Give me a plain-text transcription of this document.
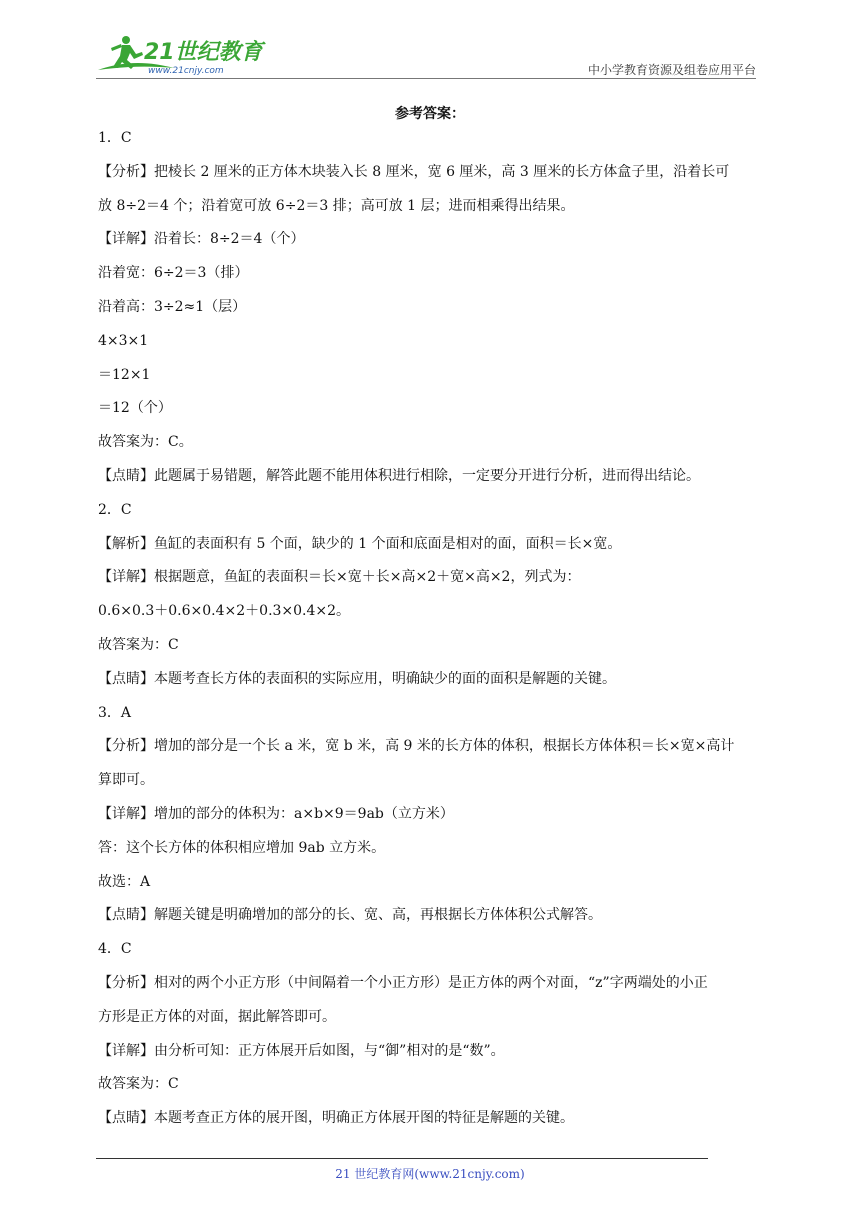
21世纪教育
www.21cnjy.com	中小学教育资源及组卷应用平台
参考答案：

1．C

【分析】把棱长 2 厘米的正方体木块装入长 8 厘米，宽 6 厘米，高 3 厘米的长方体盒子里，沿着长可

放 8÷2＝4 个；沿着宽可放 6÷2＝3 排；高可放 1 层；进而相乘得出结果。

【详解】沿着长：8÷2＝4（个）

沿着宽：6÷2＝3（排）

沿着高：3÷2≈1（层）

4×3×1

＝12×1

＝12（个）

故答案为：C。

【点睛】此题属于易错题，解答此题不能用体积进行相除，一定要分开进行分析，进而得出结论。

2．C

【解析】鱼缸的表面积有 5 个面，缺少的 1 个面和底面是相对的面，面积＝长×宽。

【详解】根据题意，鱼缸的表面积＝长×宽＋长×高×2＋宽×高×2，列式为：

0.6×0.3＋0.6×0.4×2＋0.3×0.4×2。

故答案为：C

【点睛】本题考查长方体的表面积的实际应用，明确缺少的面的面积是解题的关键。

3．A

【分析】增加的部分是一个长 a 米，宽 b 米，高 9 米的长方体的体积，根据长方体体积＝长×宽×高计

算即可。

【详解】增加的部分的体积为：a×b×9＝9ab（立方米）

答：这个长方体的体积相应增加 9ab 立方米。

故选：A

【点睛】解题关键是明确增加的部分的长、宽、高，再根据长方体体积公式解答。

4．C

【分析】相对的两个小正方形（中间隔着一个小正方形）是正方体的两个对面，“z”字两端处的小正

方形是正方体的对面，据此解答即可。

【详解】由分析可知：正方体展开后如图，与“御”相对的是“数”。

故答案为：C

【点睛】本题考查正方体的展开图，明确正方体展开图的特征是解题的关键。

21 世纪教育网(www.21cnjy.com)
